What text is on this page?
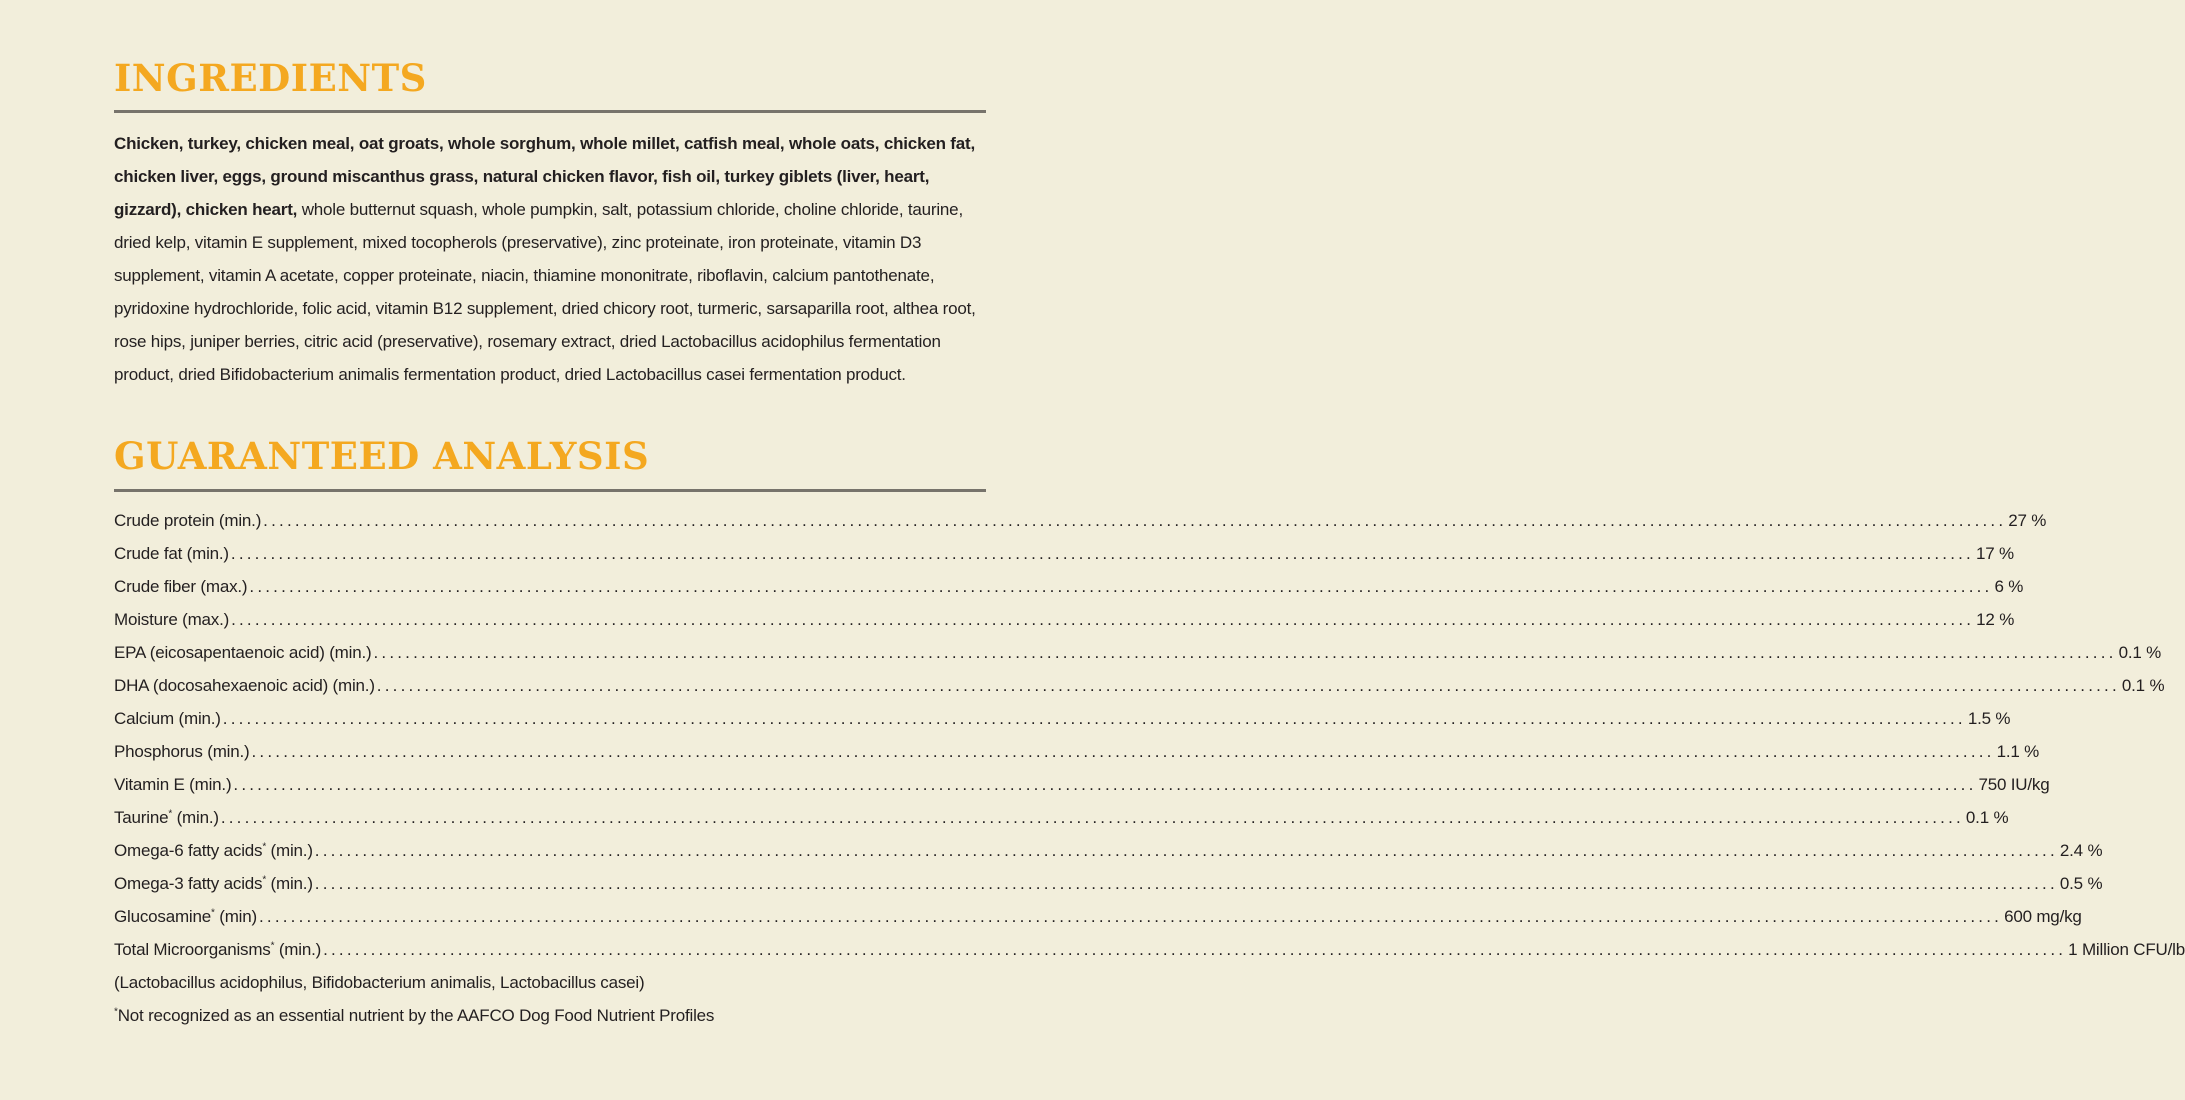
INGREDIENTS

Chicken, turkey, chicken meal, oat groats, whole sorghum, whole millet, catfish meal, whole oats, chicken fat, chicken liver, eggs, ground miscanthus grass, natural chicken flavor, fish oil, turkey giblets (liver, heart, gizzard), chicken heart, whole butternut squash, whole pumpkin, salt, potassium chloride, choline chloride, taurine, dried kelp, vitamin E supplement, mixed tocopherols (preservative), zinc proteinate, iron proteinate, vitamin D3 supplement, vitamin A acetate, copper proteinate, niacin, thiamine mononitrate, riboflavin, calcium pantothenate, pyridoxine hydrochloride, folic acid, vitamin B12 supplement, dried chicory root, turmeric, sarsaparilla root, althea root, rose hips, juniper berries, citric acid (preservative), rosemary extract, dried Lactobacillus acidophilus fermentation product, dried Bifidobacterium animalis fermentation product, dried Lactobacillus casei fermentation product.

GUARANTEED ANALYSIS
Crude protein (min.) ............................................................................................................................................................................................................................ 27 %
Crude fat (min.) ............................................................................................................................................................................................................................ 17 %
Crude fiber (max.) ............................................................................................................................................................................................................................ 6 %
Moisture (max.) ............................................................................................................................................................................................................................ 12 %
EPA (eicosapentaenoic acid) (min.) ............................................................................................................................................................................................................................ 0.1 %
DHA (docosahexaenoic acid) (min.) ............................................................................................................................................................................................................................ 0.1 %
Calcium (min.) ............................................................................................................................................................................................................................ 1.5 %
Phosphorus (min.) ............................................................................................................................................................................................................................ 1.1 %
Vitamin E (min.) ............................................................................................................................................................................................................................ 750 IU/kg
Taurine* (min.) ............................................................................................................................................................................................................................ 0.1 %
Omega-6 fatty acids* (min.) ............................................................................................................................................................................................................................ 2.4 %
Omega-3 fatty acids* (min.) ............................................................................................................................................................................................................................ 0.5 %
Glucosamine* (min) ............................................................................................................................................................................................................................ 600 mg/kg
Total Microorganisms* (min.) ............................................................................................................................................................................................................................ 1 Million CFU/lb
(Lactobacillus acidophilus, Bifidobacterium animalis, Lactobacillus casei)
*Not recognized as an essential nutrient by the AAFCO Dog Food Nutrient Profiles
